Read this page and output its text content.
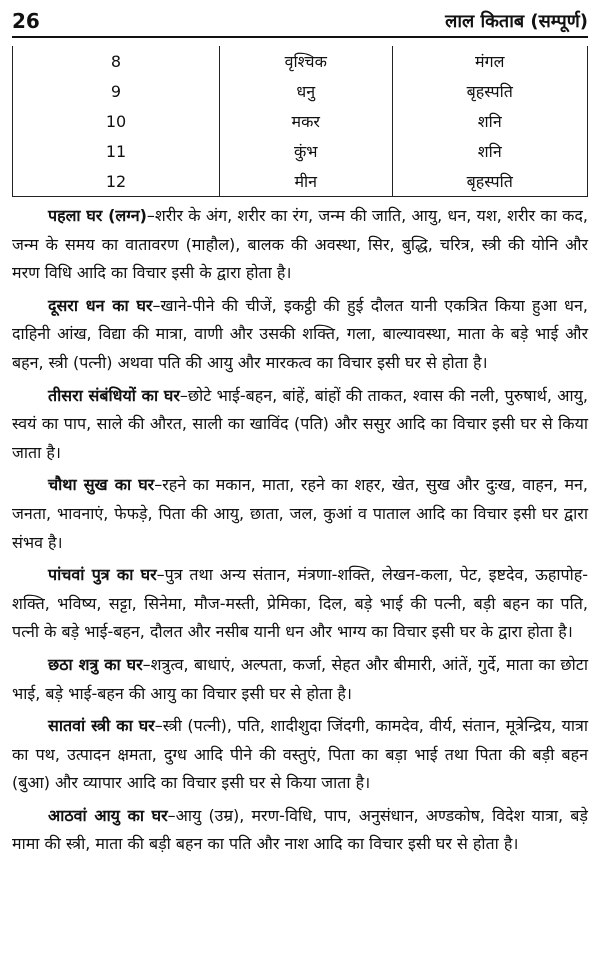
26	लाल किताब (सम्पूर्ण)
8	वृश्चिक	मंगल
9	धनु	बृहस्पति
10	मकर	शनि
11	कुंभ	शनि
12	मीन	बृहस्पति

पहला घर (लग्न)–शरीर के अंग, शरीर का रंग, जन्म की जाति, आयु, धन, यश, शरीर का कद, जन्म के समय का वातावरण (माहौल), बालक की अवस्था, सिर, बुद्धि, चरित्र, स्त्री की योनि और मरण विधि आदि का विचार इसी के द्वारा होता है।

दूसरा धन का घर–खाने-पीने की चीजें, इकट्ठी की हुई दौलत यानी एकत्रित किया हुआ धन, दाहिनी आंख, विद्या की मात्रा, वाणी और उसकी शक्ति, गला, बाल्यावस्था, माता के बड़े भाई और बहन, स्त्री (पत्नी) अथवा पति की आयु और मारकत्व का विचार इसी घर से होता है।

तीसरा संबंधियों का घर–छोटे भाई-बहन, बांहें, बांहों की ताकत, श्वास की नली, पुरुषार्थ, आयु, स्वयं का पाप, साले की औरत, साली का खाविंद (पति) और ससुर आदि का विचार इसी घर से किया जाता है।

चौथा सुख का घर–रहने का मकान, माता, रहने का शहर, खेत, सुख और दुःख, वाहन, मन, जनता, भावनाएं, फेफड़े, पिता की आयु, छाता, जल, कुआं व पाताल आदि का विचार इसी घर द्वारा संभव है।

पांचवां पुत्र का घर–पुत्र तथा अन्य संतान, मंत्रणा-शक्ति, लेखन-कला, पेट, इष्टदेव, ऊहापोह-शक्ति, भविष्य, सट्टा, सिनेमा, मौज-मस्ती, प्रेमिका, दिल, बड़े भाई की पत्नी, बड़ी बहन का पति, पत्नी के बड़े भाई-बहन, दौलत और नसीब यानी धन और भाग्य का विचार इसी घर के द्वारा होता है।

छठा शत्रु का घर–शत्रुत्व, बाधाएं, अल्पता, कर्जा, सेहत और बीमारी, आंतें, गुर्दे, माता का छोटा भाई, बड़े भाई-बहन की आयु का विचार इसी घर से होता है।

सातवां स्त्री का घर–स्त्री (पत्नी), पति, शादीशुदा जिंदगी, कामदेव, वीर्य, संतान, मूत्रेन्द्रिय, यात्रा का पथ, उत्पादन क्षमता, दुग्ध आदि पीने की वस्तुएं, पिता का बड़ा भाई तथा पिता की बड़ी बहन (बुआ) और व्यापार आदि का विचार इसी घर से किया जाता है।

आठवां आयु का घर–आयु (उम्र), मरण-विधि, पाप, अनुसंधान, अण्डकोष, विदेश यात्रा, बड़े मामा की स्त्री, माता की बड़ी बहन का पति और नाश आदि का विचार इसी घर से होता है।
